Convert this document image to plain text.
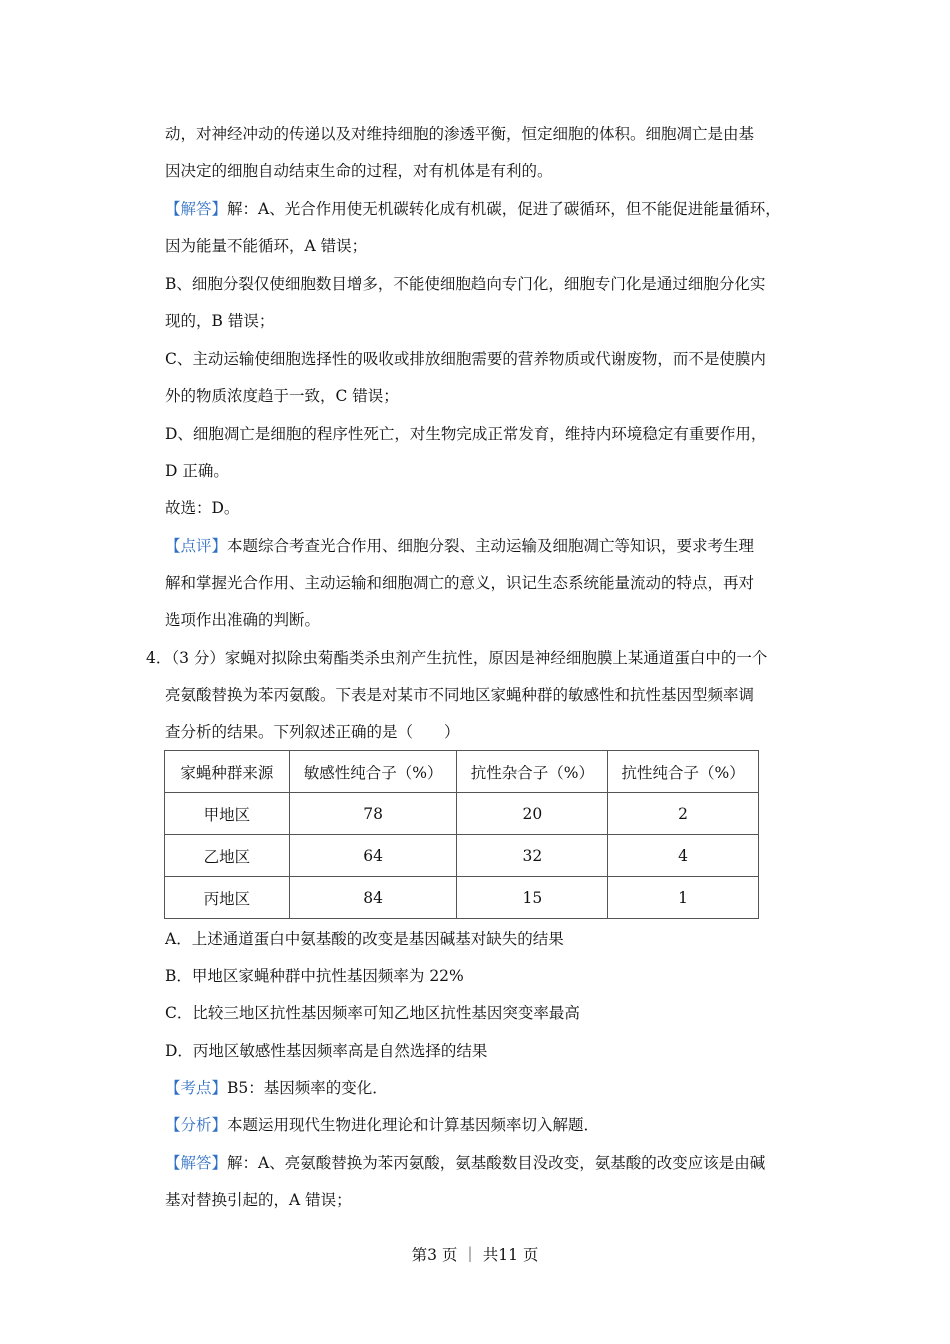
动，对神经冲动的传递以及对维持细胞的渗透平衡，恒定细胞的体积。细胞凋亡是由基
因决定的细胞自动结束生命的过程，对有机体是有利的。
【解答】解：A、光合作用使无机碳转化成有机碳，促进了碳循环，但不能促进能量循环，
因为能量不能循环，A 错误；
B、细胞分裂仅使细胞数目增多，不能使细胞趋向专门化，细胞专门化是通过细胞分化实
现的，B 错误；
C、主动运输使细胞选择性的吸收或排放细胞需要的营养物质或代谢废物，而不是使膜内
外的物质浓度趋于一致，C 错误；
D、细胞凋亡是细胞的程序性死亡，对生物完成正常发育，维持内环境稳定有重要作用，
D 正确。
故选：D。
【点评】本题综合考查光合作用、细胞分裂、主动运输及细胞凋亡等知识，要求考生理
解和掌握光合作用、主动运输和细胞凋亡的意义，识记生态系统能量流动的特点，再对
选项作出准确的判断。
4．（3 分）家蝇对拟除虫菊酯类杀虫剂产生抗性，原因是神经细胞膜上某通道蛋白中的一个
亮氨酸替换为苯丙氨酸。下表是对某市不同地区家蝇种群的敏感性和抗性基因型频率调
查分析的结果。下列叙述正确的是（　　）
家蝇种群来源	敏感性纯合子（%）	抗性杂合子（%）	抗性纯合子（%）
甲地区	78	20	2
乙地区	64	32	4
丙地区	84	15	1
A．上述通道蛋白中氨基酸的改变是基因碱基对缺失的结果
B．甲地区家蝇种群中抗性基因频率为 22%
C．比较三地区抗性基因频率可知乙地区抗性基因突变率最高
D．丙地区敏感性基因频率高是自然选择的结果
【考点】B5：基因频率的变化．
【分析】本题运用现代生物进化理论和计算基因频率切入解题．
【解答】解：A、亮氨酸替换为苯丙氨酸，氨基酸数目没改变，氨基酸的改变应该是由碱
基对替换引起的，A 错误；
第3 页 ｜ 共11 页
